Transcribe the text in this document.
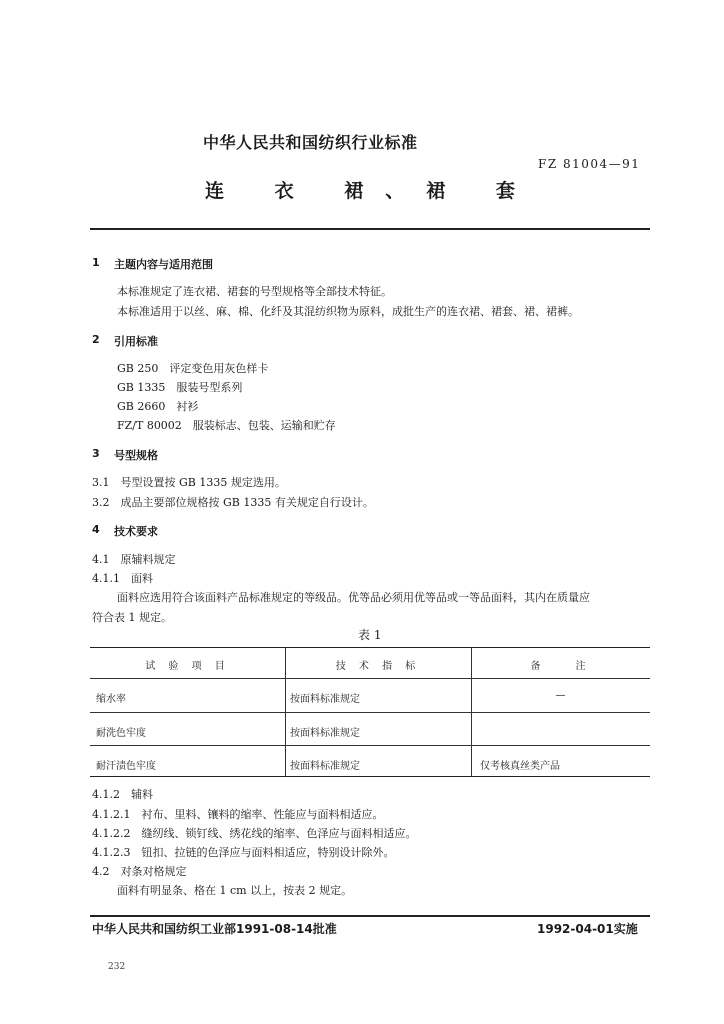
中华人民共和国纺织行业标准
FZ 81004—91
连 衣 裙、裙 套
1 主题内容与适用范围
本标准规定了连衣裙、裙套的号型规格等全部技术特征。
本标准适用于以丝、麻、棉、化纤及其混纺织物为原料，成批生产的连衣裙、裙套、裙、裙裤。
2 引用标准
GB 250　评定变色用灰色样卡
GB 1335　服装号型系列
GB 2660　衬衫
FZ/T 80002　服装标志、包装、运输和贮存
3 号型规格
3.1　号型设置按 GB 1335 规定选用。
3.2　成品主要部位规格按 GB 1335 有关规定自行设计。
4 技术要求
4.1　原辅料规定
4.1.1　面料
面料应选用符合该面料产品标准规定的等级品。优等品必须用优等品或一等品面料，其内在质量应
符合表 1 规定。
表 1
试 验 项 目	技 术 指 标	备　　注
缩水率	按面料标准规定	—
耐洗色牢度	按面料标准规定
耐汗渍色牢度	按面料标准规定	仅考核真丝类产品
4.1.2　辅料
4.1.2.1　衬布、里料、镶料的缩率、性能应与面料相适应。
4.1.2.2　缝纫线、锁钉线、绣花线的缩率、色泽应与面料相适应。
4.1.2.3　钮扣、拉链的色泽应与面料相适应，特别设计除外。
4.2　对条对格规定
面料有明显条、格在 1 cm 以上，按表 2 规定。
中华人民共和国纺织工业部1991-08-14批准	1992-04-01实施
232
